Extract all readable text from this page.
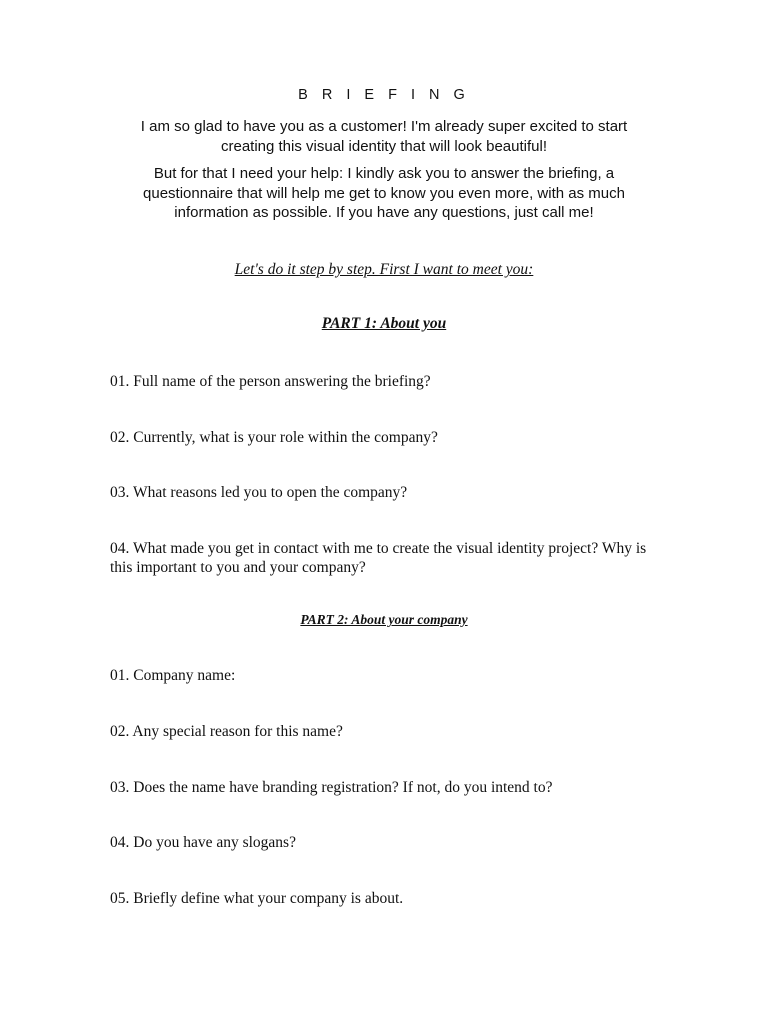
B R I E F I N G
I am so glad to have you as a customer! I'm already super excited to start creating this visual identity that will look beautiful!
But for that I need your help: I kindly ask you to answer the briefing, a questionnaire that will help me get to know you even more, with as much information as possible. If you have any questions, just call me!
Let's do it step by step. First I want to meet you:
PART 1: About you
01. Full name of the person answering the briefing?
02. Currently, what is your role within the company?
03. What reasons led you to open the company?
04. What made you get in contact with me to create the visual identity project? Why is this important to you and your company?
PART 2: About your company
01. Company name:
02. Any special reason for this name?
03. Does the name have branding registration? If not, do you intend to?
04. Do you have any slogans?
05. Briefly define what your company is about.
